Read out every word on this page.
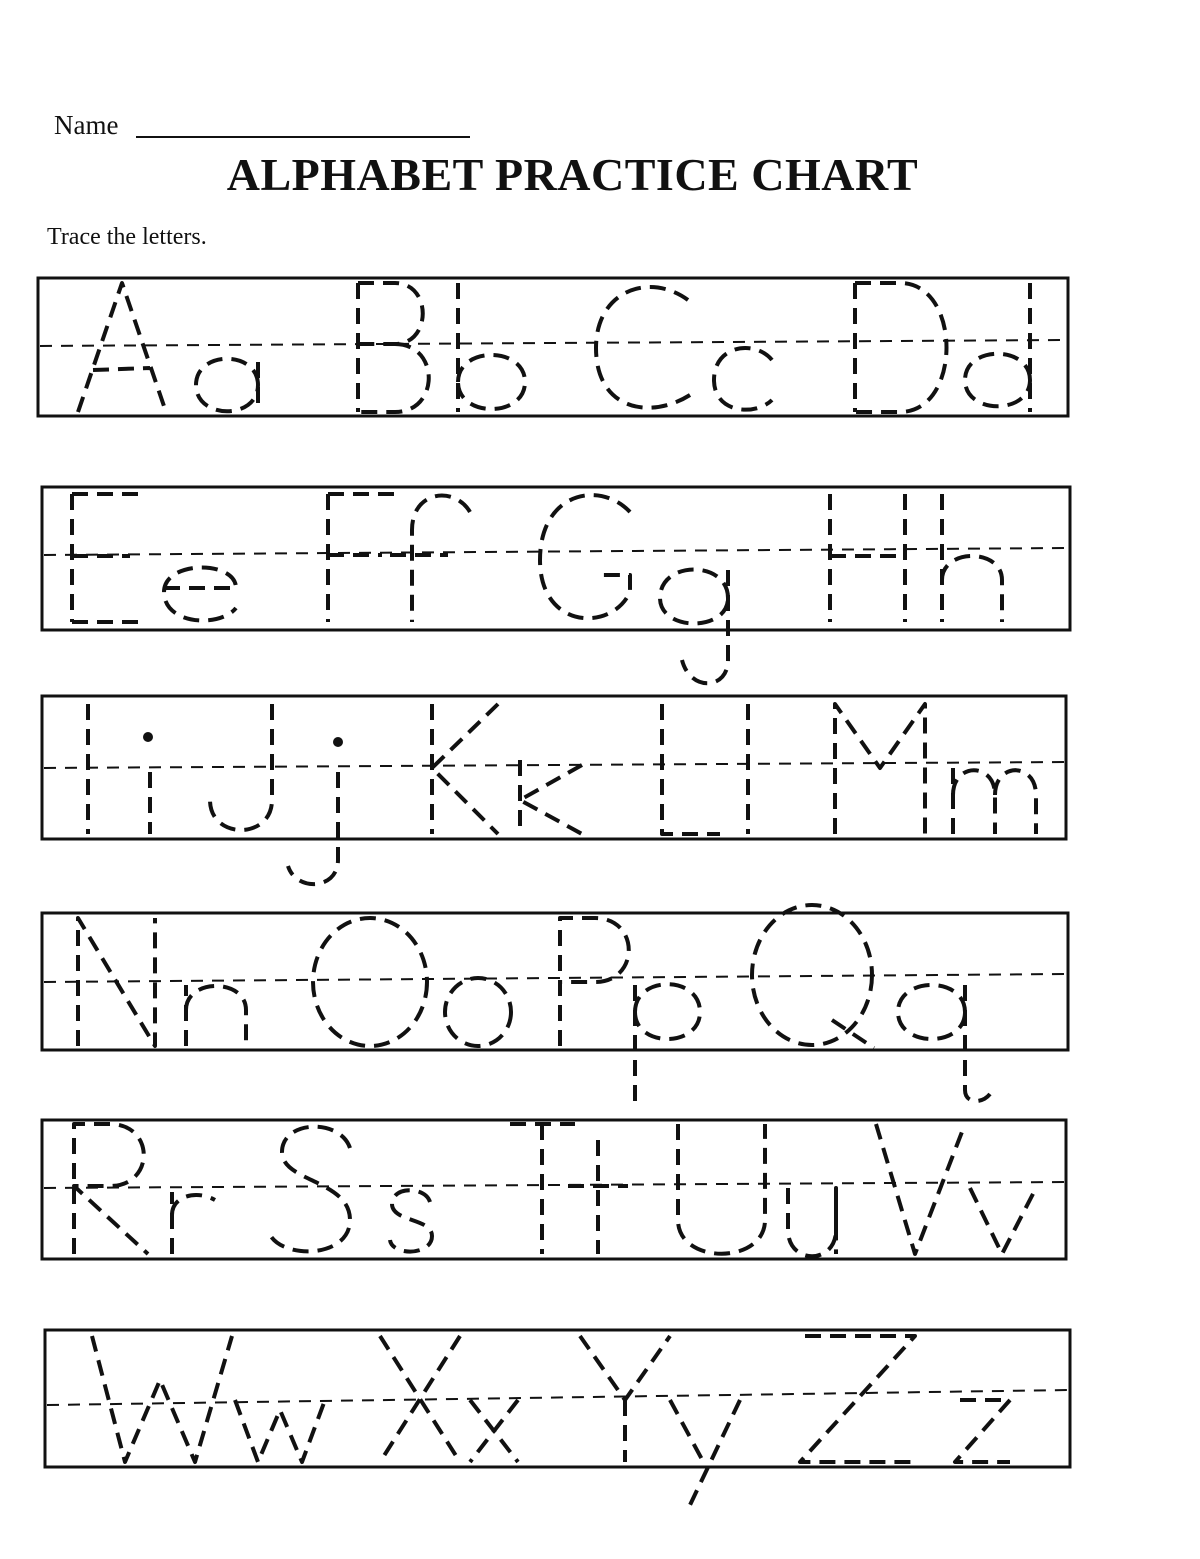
Name
ALPHABET PRACTICE CHART
Trace the letters.
